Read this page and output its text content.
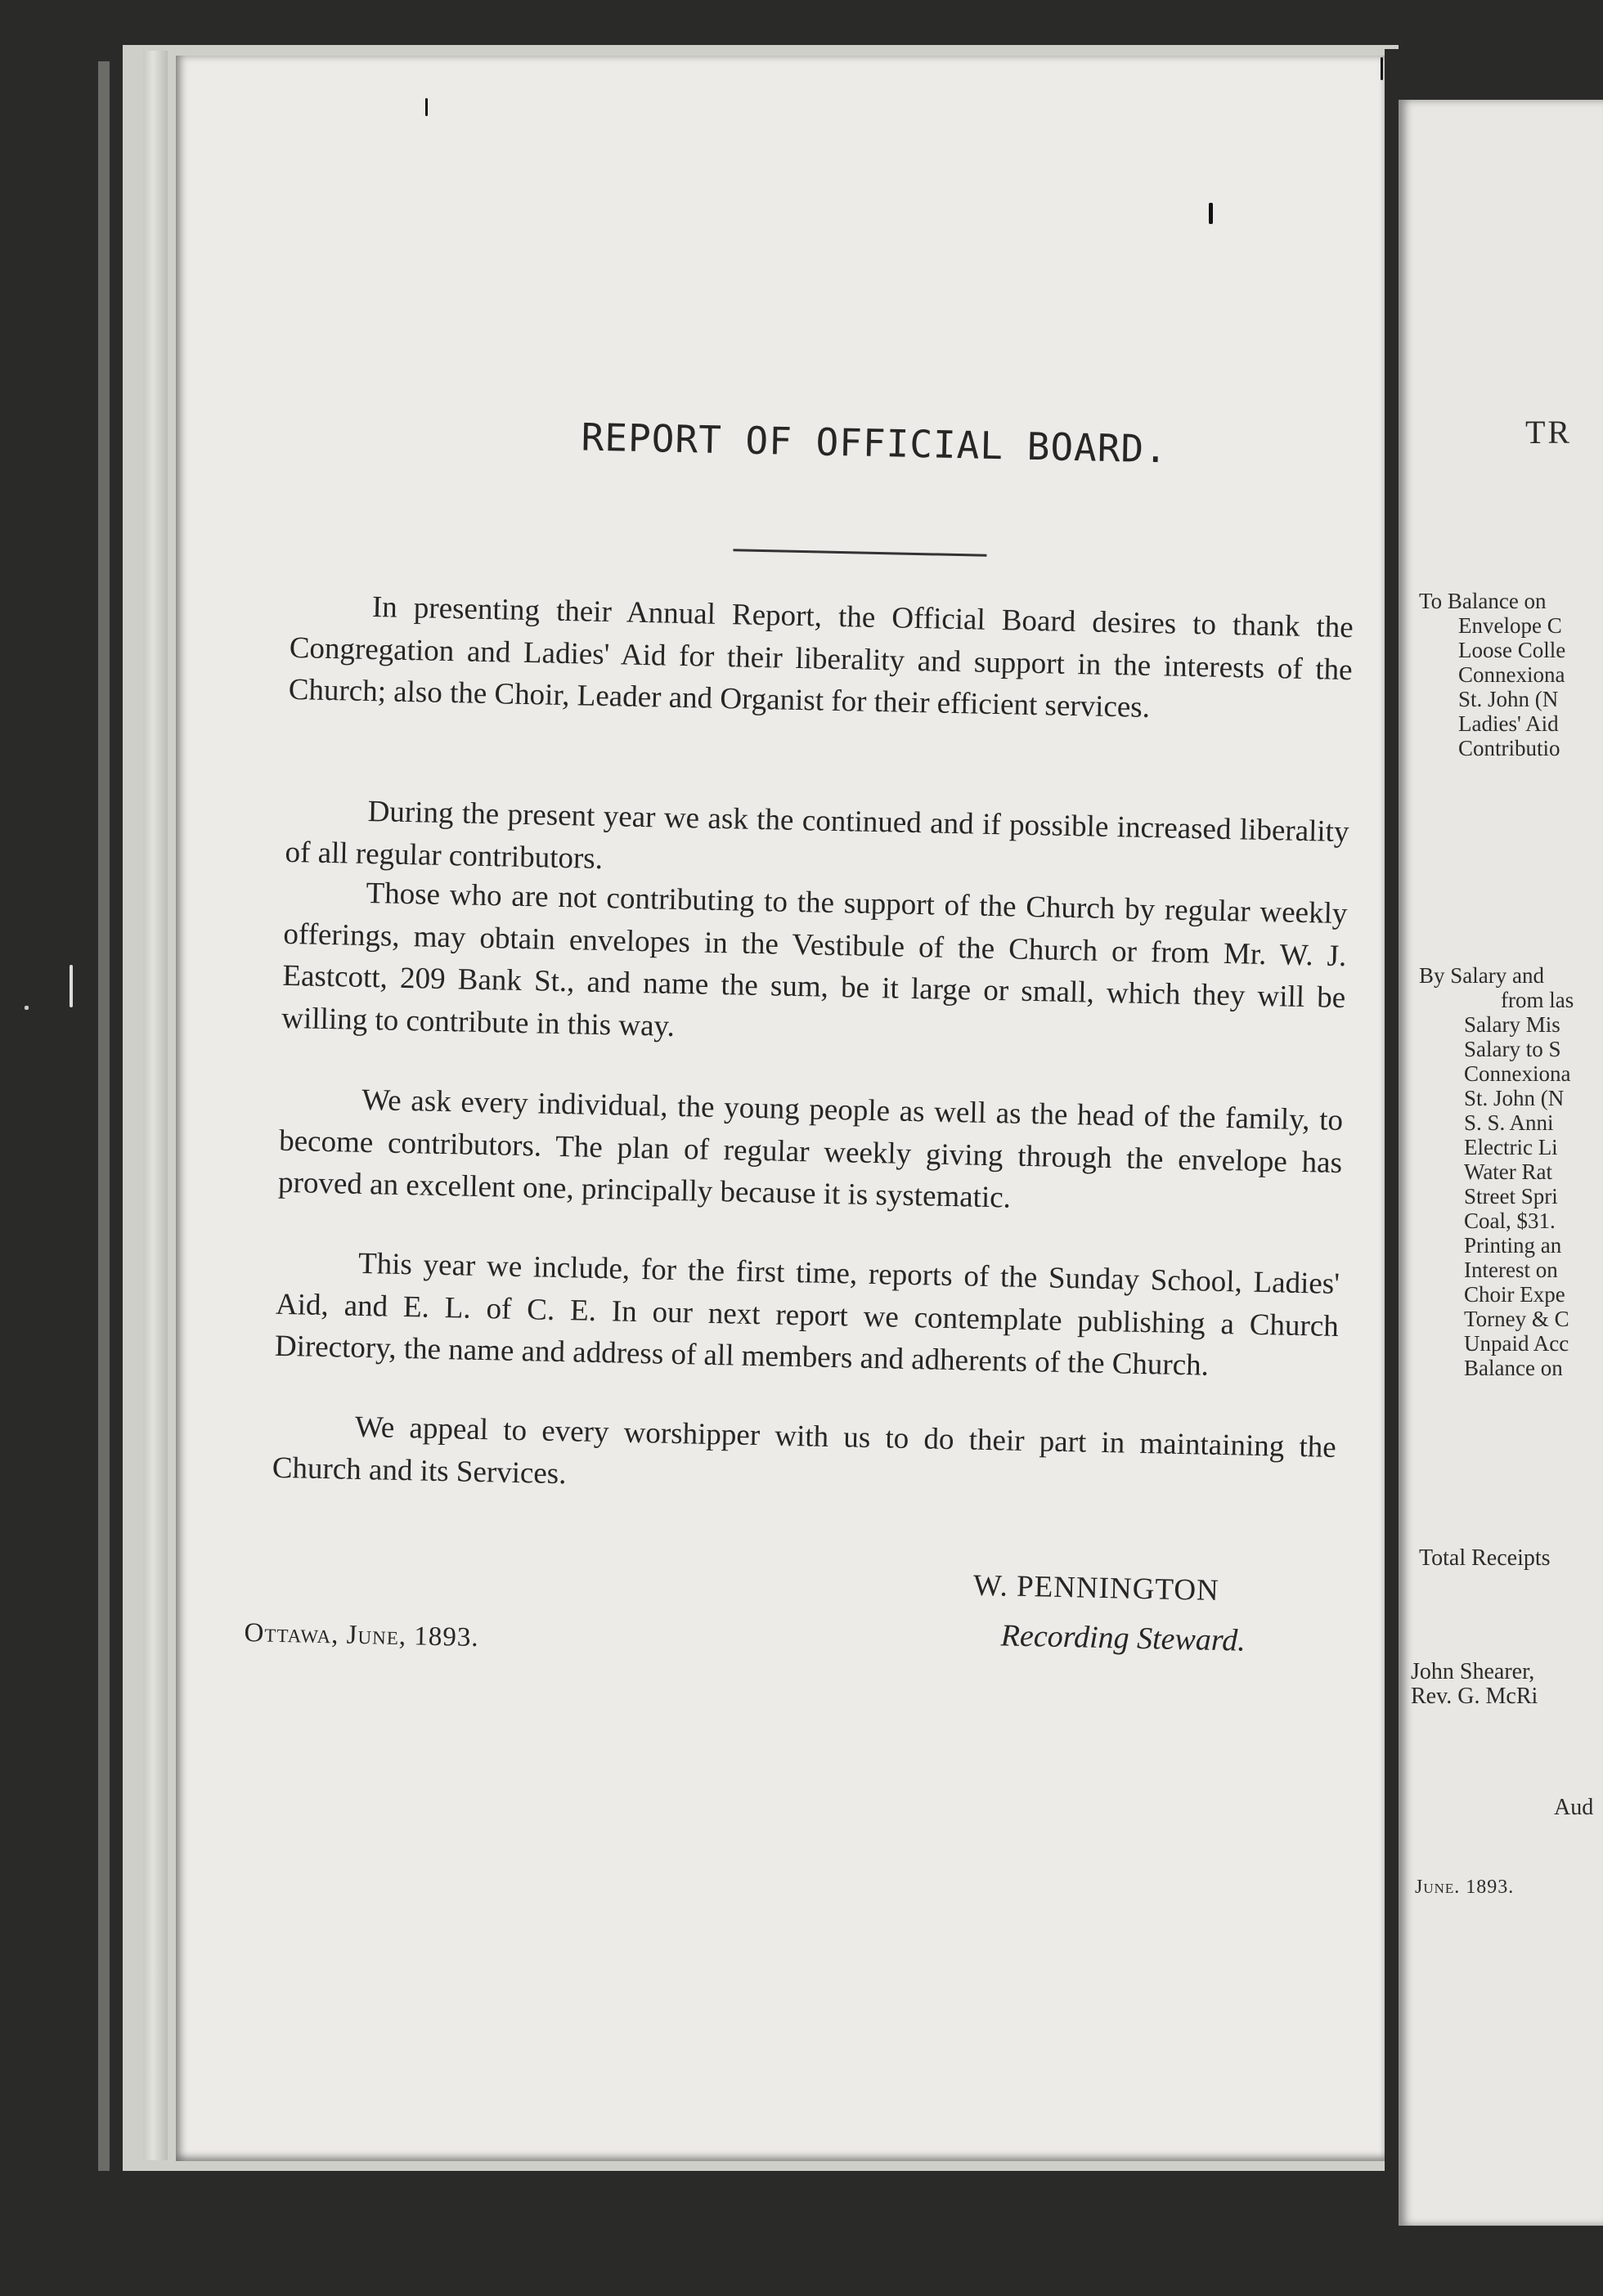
REPORT OF OFFICIAL BOARD.

In presenting their Annual Report, the Official Board desires to thank the Congregation and Ladies' Aid for their liberality and support in the interests of the Church; also the Choir, Leader and Organist for their efficient services.

During the present year we ask the continued and if possible increased liberality of all regular contributors.

Those who are not contributing to the support of the Church by regular weekly offerings, may obtain envelopes in the Vestibule of the Church or from Mr. W. J. Eastcott, 209 Bank St., and name the sum, be it large or small, which they will be willing to contribute in this way.

We ask every individual, the young people as well as the head of the family, to become contributors. The plan of regular weekly giving through the envelope has proved an excellent one, principally because it is systematic.

This year we include, for the first time, reports of the Sunday School, Ladies' Aid, and E. L. of C. E. In our next report we contemplate publishing a Church Directory, the name and address of all members and adherents of the Church.

We appeal to every worshipper with us to do their part in maintaining the Church and its Services.

W. PENNINGTON
Recording Steward.
Ottawa, June, 1893.
TR
To Balance on
Envelope C
Loose Colle
Connexiona
St. John (N
Ladies' Aid
Contributio
By Salary and
from las
Salary Mis
Salary to S
Connexiona
St. John (N
S. S. Anni
Electric Li
Water Rat
Street Spri
Coal, $31.
Printing an
Interest on
Choir Expe
Torney & C
Unpaid Acc
Balance on
Total Receipts
John Shearer,
Rev. G. McRi
Aud
June. 1893.
